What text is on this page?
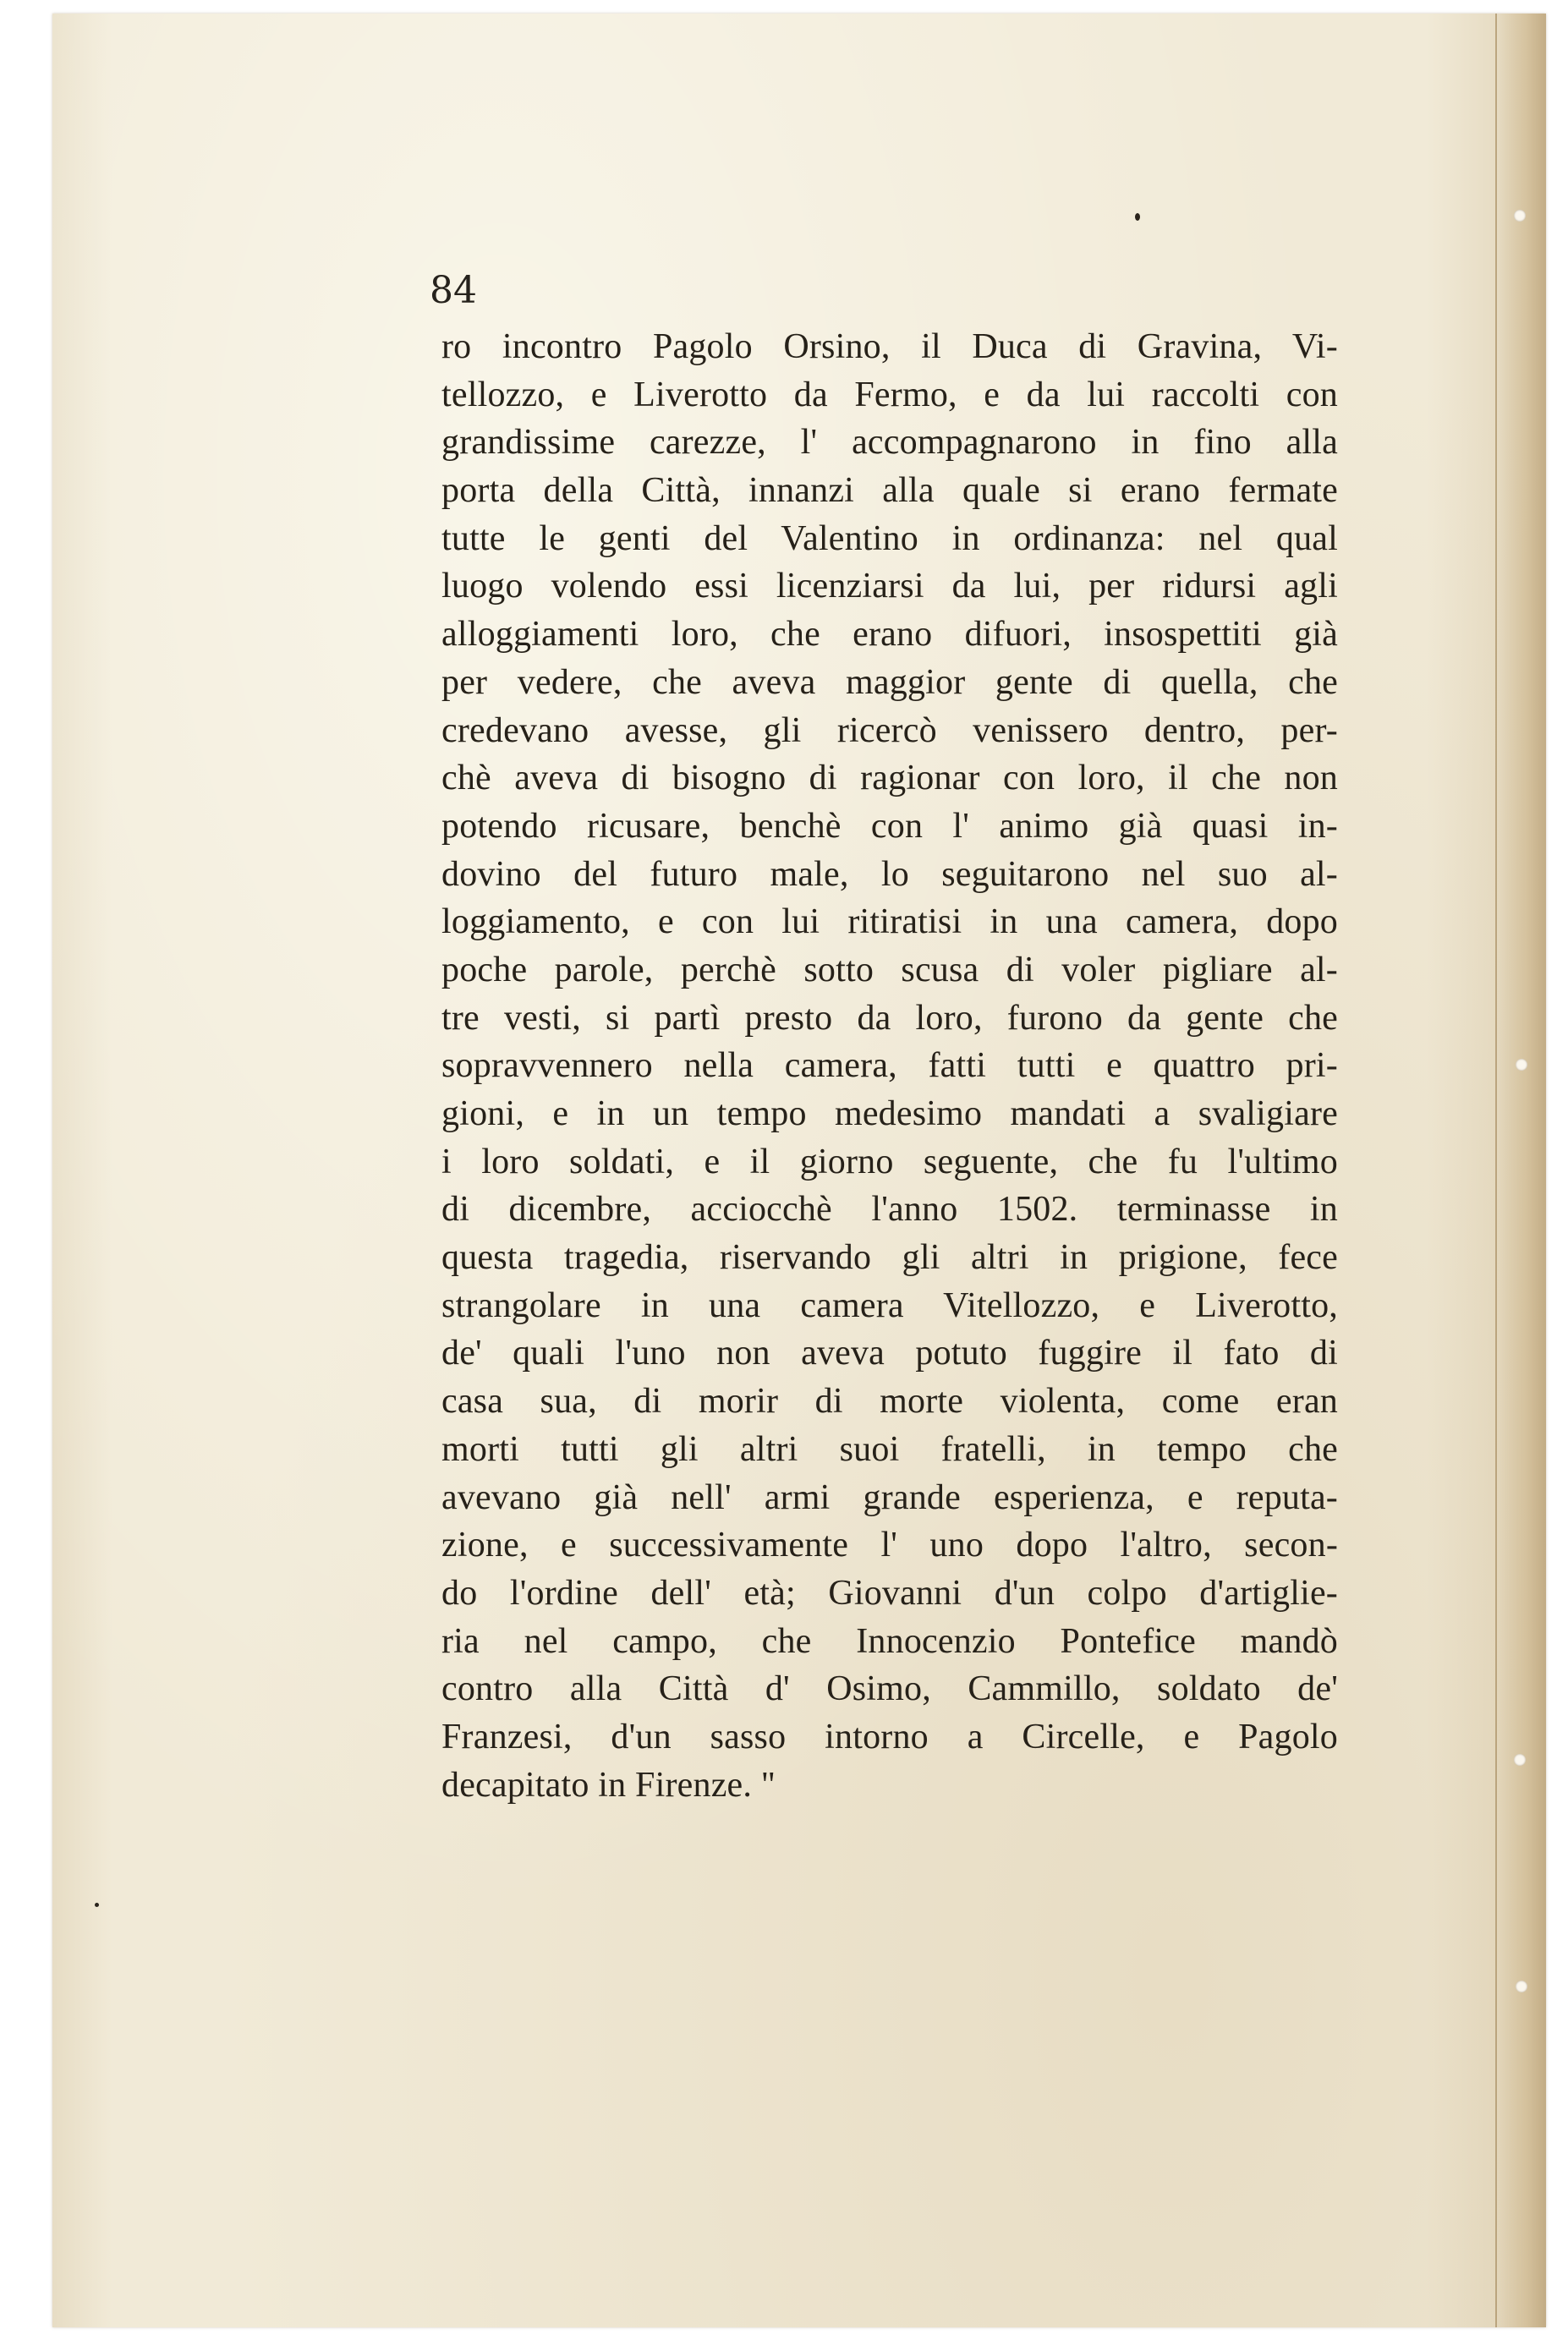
84
ro incontro Pagolo Orsino, il Duca di Gravina, Vi-
tellozzo, e Liverotto da Fermo, e da lui raccolti con
grandissime carezze, l' accompagnarono in fino alla
porta della Città, innanzi alla quale si erano fermate
tutte le genti del Valentino in ordinanza: nel qual
luogo volendo essi licenziarsi da lui, per ridursi agli
alloggiamenti loro, che erano difuori, insospettiti già
per vedere, che aveva maggior gente di quella, che
credevano avesse, gli ricercò venissero dentro, per-
chè aveva di bisogno di ragionar con loro, il che non
potendo ricusare, benchè con l' animo già quasi in-
dovino del futuro male, lo seguitarono nel suo al-
loggiamento, e con lui ritiratisi in una camera, dopo
poche parole, perchè sotto scusa di voler pigliare al-
tre vesti, si partì presto da loro, furono da gente che
sopravvennero nella camera, fatti tutti e quattro pri-
gioni, e in un tempo medesimo mandati a svaligiare
i loro soldati, e il giorno seguente, che fu l'ultimo
di dicembre, acciocchè l'anno 1502. terminasse in
questa tragedia, riservando gli altri in prigione, fece
strangolare in una camera Vitellozzo, e Liverotto,
de' quali l'uno non aveva potuto fuggire il fato di
casa sua, di morir di morte violenta, come eran
morti tutti gli altri suoi fratelli, in tempo che
avevano già nell' armi grande esperienza, e reputa-
zione, e successivamente l' uno dopo l'altro, secon-
do l'ordine dell' età; Giovanni d'un colpo d'artiglie-
ria nel campo, che Innocenzio Pontefice mandò
contro alla Città d' Osimo, Cammillo, soldato de'
Franzesi, d'un sasso intorno a Circelle, e Pagolo
decapitato in Firenze. "
